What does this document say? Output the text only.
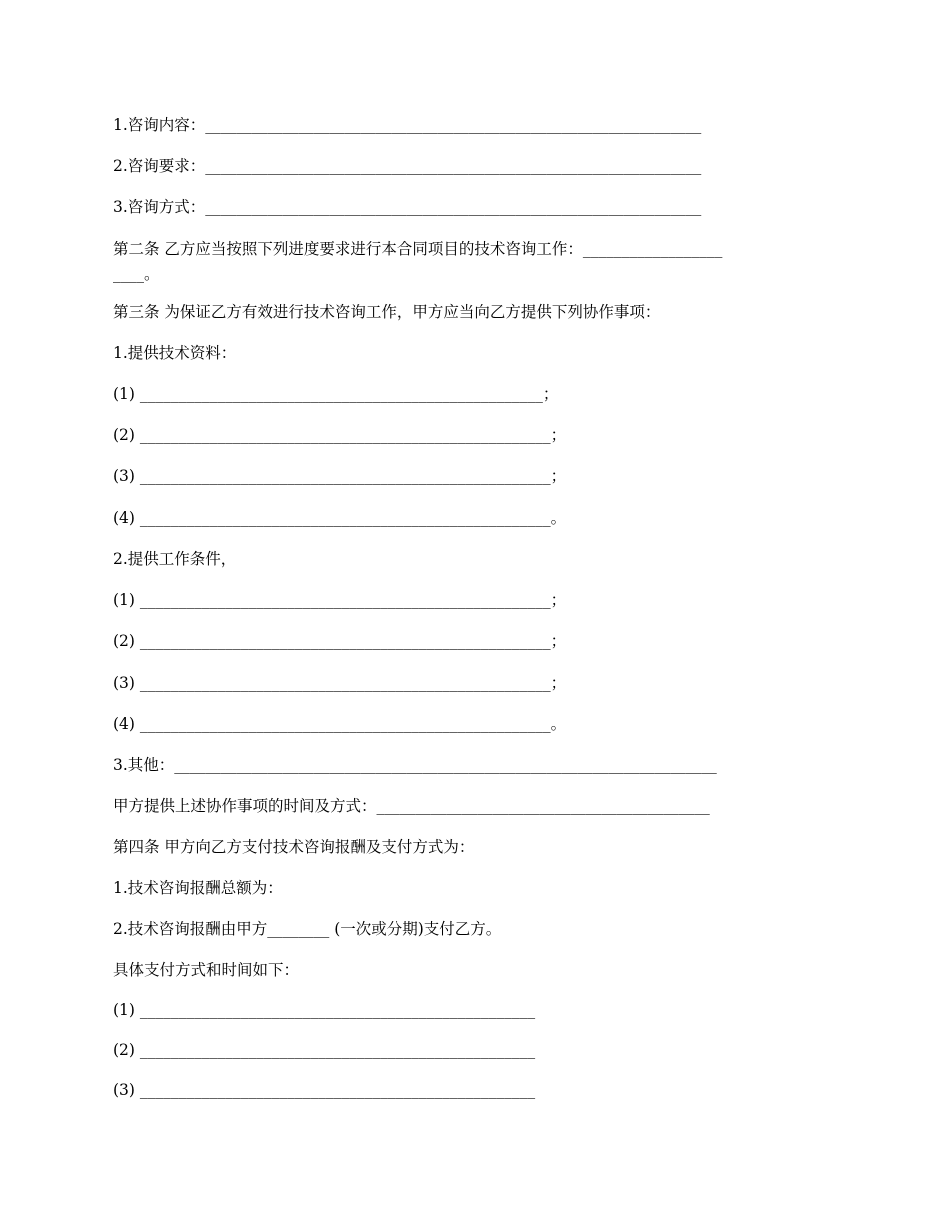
1.咨询内容：________________________________________________________________
2.咨询要求：________________________________________________________________
3.咨询方式：________________________________________________________________
第二条 乙方应当按照下列进度要求进行本合同项目的技术咨询工作：__________________
____。
第三条 为保证乙方有效进行技术咨询工作，甲方应当向乙方提供下列协作事项：
1.提供技术资料：
(1) ____________________________________________________；
(2) _____________________________________________________；
(3) _____________________________________________________；
(4) _____________________________________________________。
2.提供工作条件，
(1) _____________________________________________________；
(2) _____________________________________________________；
(3) _____________________________________________________；
(4) _____________________________________________________。
3.其他：______________________________________________________________________
甲方提供上述协作事项的时间及方式：___________________________________________
第四条 甲方向乙方支付技术咨询报酬及支付方式为：
1.技术咨询报酬总额为：
2.技术咨询报酬由甲方________ (一次或分期)支付乙方。
具体支付方式和时间如下：
(1) ___________________________________________________
(2) ___________________________________________________
(3) ___________________________________________________
